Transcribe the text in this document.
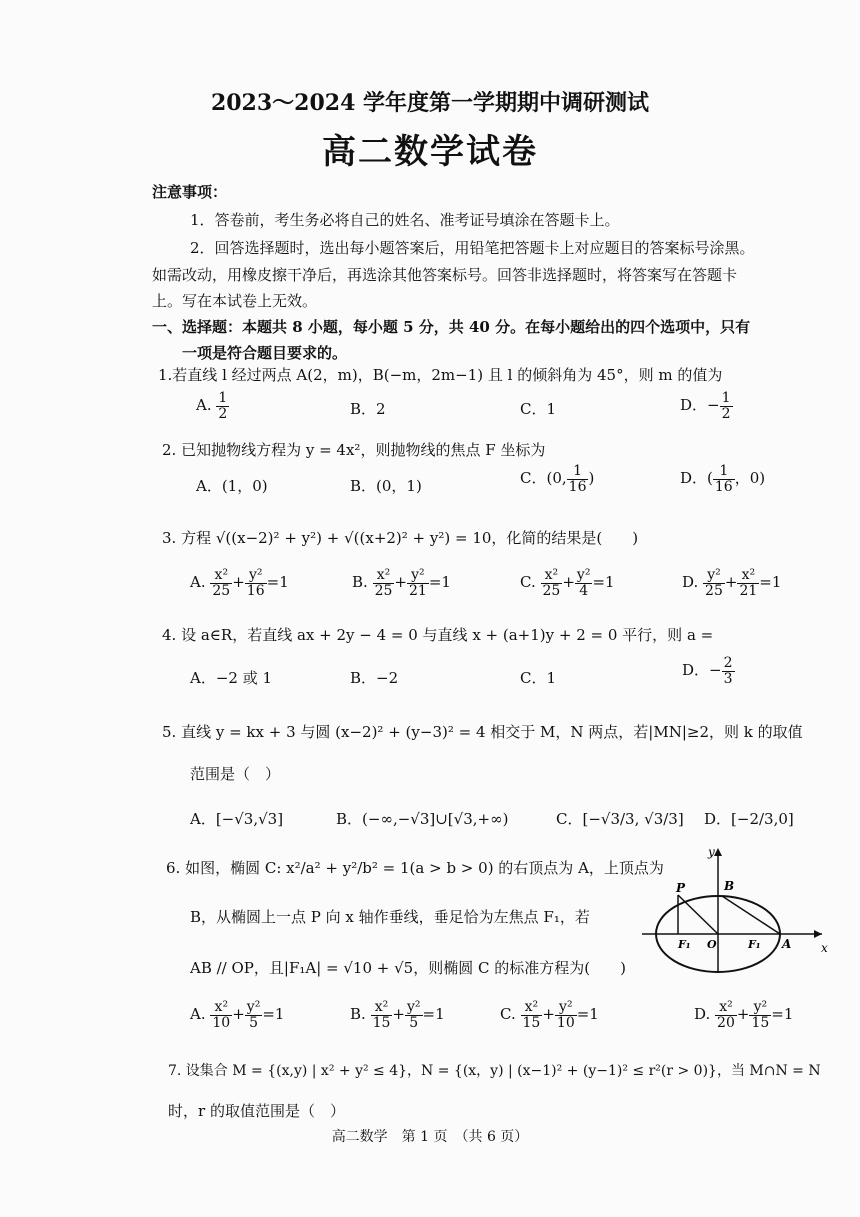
2023～2024 学年度第一学期期中调研测试
高二数学试卷
注意事项：
1．答卷前，考生务必将自己的姓名、准考证号填涂在答题卡上。
2．回答选择题时，选出每小题答案后，用铅笔把答题卡上对应题目的答案标号涂黑。
如需改动，用橡皮擦干净后，再选涂其他答案标号。回答非选择题时，将答案写在答题卡
上。写在本试卷上无效。
一、选择题：本题共 8 小题，每小题 5 分，共 40 分。在每小题给出的四个选项中，只有
一项是符合题目要求的。
1.若直线 l 经过两点 A(2，m)，B(−m，2m−1) 且 l 的倾斜角为 45°，则 m 的值为
A. $\frac{1}{2}$	B．2	C．1	D．− $\frac{1}{2}$
2. 已知抛物线方程为 y = 4x²，则抛物线的焦点 F 坐标为
A．(1，0)	B．(0，1)	C．(0, $\frac{1}{16}$ )	D．( $\frac{1}{16}$ ，0)
3. 方程 √((x−2)² + y²) + √((x+2)² + y²) = 10，化简的结果是(　　)
A. $\frac{\text{x²}}{25} + \frac{\text{y²}}{16} =1$	B. $\frac{\text{x²}}{25} + \frac{\text{y²}}{21} =1$	C. $\frac{\text{x²}}{25} + \frac{\text{y²}}{4} =1$	D. $\frac{\text{y²}}{25} + \frac{\text{x²}}{21} =1$
4. 设 a∈R，若直线 ax + 2y − 4 = 0 与直线 x + (a+1)y + 2 = 0 平行，则 a =
A．−2 或 1	B．−2	C．1	D．− $\frac{2}{3}$
5. 直线 y = kx + 3 与圆 (x−2)² + (y−3)² = 4 相交于 M，N 两点，若|MN|≥2，则 k 的取值
范围是（　）
A．[−√3,√3]	B．(−∞,−√3]∪[√3,+∞)	C．[−√3/3, √3/3] D．[−2/3,0]
6. 如图，椭圆 C: x²/a² + y²/b² = 1(a > b > 0) 的右顶点为 A，上顶点为
B，从椭圆上一点 P 向 x 轴作垂线，垂足恰为左焦点 F₁，若
AB // OP，且|F₁A| = √10 + √5，则椭圆 C 的标准方程为(　　)
y
x
P	B
F₁ O	F₁ A
A. $\frac{\text{x²}}{10} + \frac{\text{y²}}{5} =1$	B. $\frac{\text{x²}}{15} + \frac{\text{y²}}{5} =1$	C. $\frac{\text{x²}}{15} + \frac{\text{y²}}{10} =1$	D. $\frac{\text{x²}}{20} + \frac{\text{y²}}{15} =1$
7. 设集合 M = {(x,y) | x² + y² ≤ 4}，N = {(x，y) | (x−1)² + (y−1)² ≤ r²(r > 0)}，当 M∩N = N
时，r 的取值范围是（　）
高二数学　第 1 页　（共 6 页）
